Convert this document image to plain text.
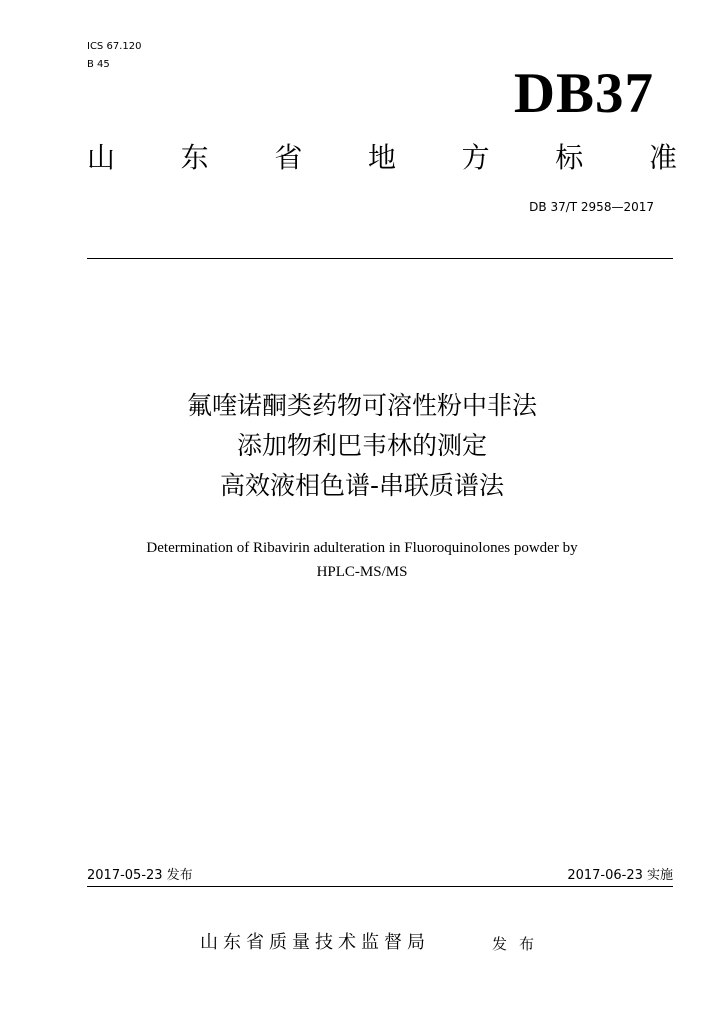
ICS 67.120
B 45	DB37
山 东 省 地 方 标 准
DB 37/T 2958—2017
氟喹诺酮类药物可溶性粉中非法
添加物利巴韦林的测定
高效液相色谱-串联质谱法
Determination of Ribavirin adulteration in Fluoroquinolones powder by
HPLC-MS/MS
2017-05-23 发布	2017-06-23 实施
山东省质量技术监督局	发布
